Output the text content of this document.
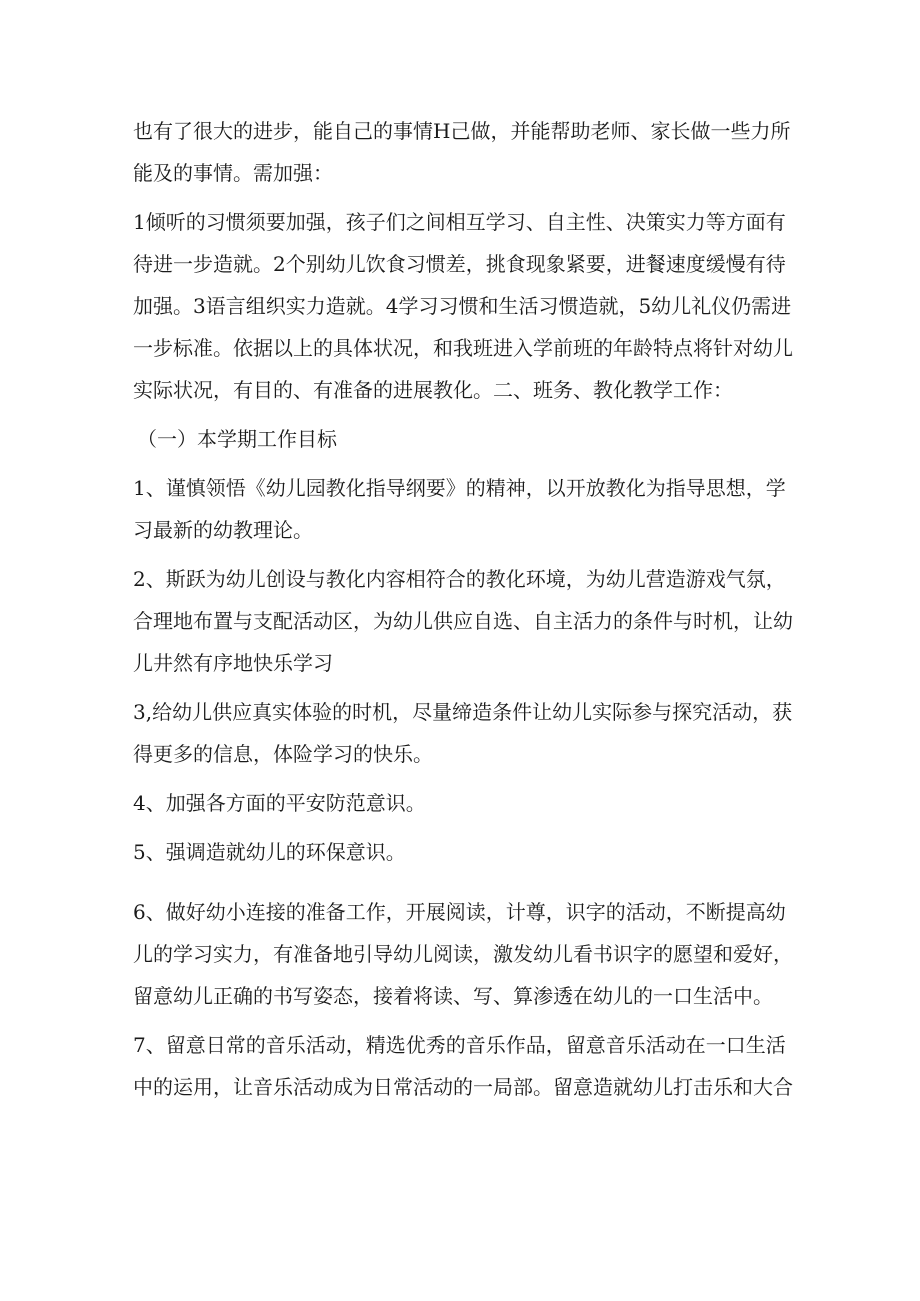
也有了很大的进步，能自己的事情H己做，并能帮助老师、家长做一些力所能及的事情。需加强：

1倾听的习惯须要加强，孩子们之间相互学习、自主性、决策实力等方面有待进一步造就。2个别幼儿饮食习惯差，挑食现象紧要，进餐速度缓慢有待加强。3语言组织实力造就。4学习习惯和生活习惯造就，5幼儿礼仪仍需进一步标准。依据以上的具体状况，和我班进入学前班的年龄特点将针对幼儿实际状况，有目的、有准备的进展教化。二、班务、教化教学工作：

（一）本学期工作目标

1、谨慎领悟《幼儿园教化指导纲要》的精神，以开放教化为指导思想，学习最新的幼教理论。

2、斯跃为幼儿创设与教化内容相符合的教化环境，为幼儿营造游戏气氛，合理地布置与支配活动区，为幼儿供应自选、自主活力的条件与时机，让幼儿井然有序地快乐学习

3,给幼儿供应真实体验的时机，尽量缔造条件让幼儿实际参与探究活动，获得更多的信息，体险学习的快乐。

4、加强各方面的平安防范意识。

5、强调造就幼儿的环保意识。

6、做好幼小连接的准备工作，开展阅读，计尊，识字的活动，不断提高幼儿的学习实力，有准备地引导幼儿阅读，激发幼儿看书识字的愿望和爱好，留意幼儿正确的书写姿态，接着将读、写、算渗透在幼儿的一口生活中。

7、留意日常的音乐活动，精选优秀的音乐作品，留意音乐活动在一口生活中的运用，让音乐活动成为日常活动的一局部。留意造就幼儿打击乐和大合
